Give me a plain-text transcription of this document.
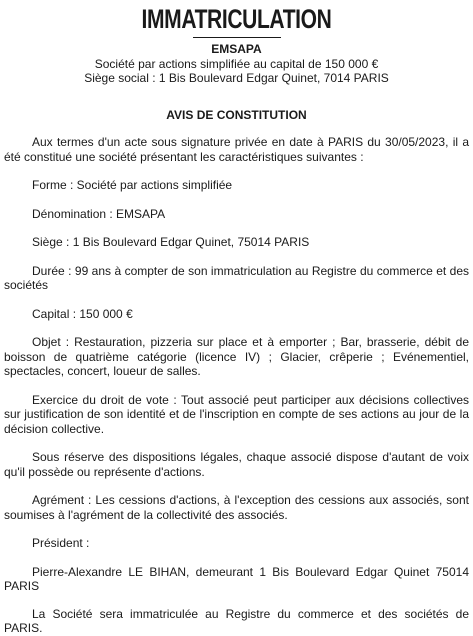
IMMATRICULATION
EMSAPA
Société par actions simplifiée au capital de 150 000 €
Siège social : 1 Bis Boulevard Edgar Quinet, 7014 PARIS
AVIS DE CONSTITUTION

Aux termes d'un acte sous signature privée en date à PARIS du 30/05/2023, il a été constitué une société présentant les caractéristiques suivantes :

Forme : Société par actions simplifiée

Dénomination : EMSAPA

Siège : 1 Bis Boulevard Edgar Quinet, 75014 PARIS

Durée : 99 ans à compter de son immatriculation au Registre du commerce et des sociétés

Capital : 150 000 €

Objet : Restauration, pizzeria sur place et à emporter ; Bar, brasserie, débit de boisson de quatrième catégorie (licence IV) ; Glacier, crêperie ; Evénementiel, spectacles, concert, loueur de salles.

Exercice du droit de vote : Tout associé peut participer aux décisions collectives sur justification de son identité et de l'inscription en compte de ses actions au jour de la décision collective.

Sous réserve des dispositions légales, chaque associé dispose d'autant de voix qu'il possède ou représente d'actions.

Agrément : Les cessions d'actions, à l'exception des cessions aux associés, sont soumises à l'agrément de la collectivité des associés.

Président :

Pierre-Alexandre LE BIHAN, demeurant 1 Bis Boulevard Edgar Quinet 75014 PARIS

La Société sera immatriculée au Registre du commerce et des sociétés de PARIS.
